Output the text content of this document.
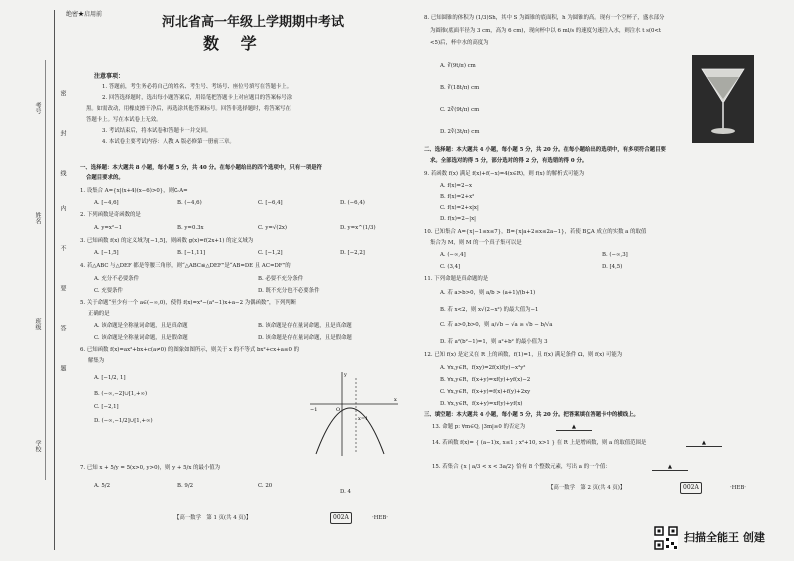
考号
姓名
班级
学校
密
封
线
内
不
要
答
题
绝密★启用前
河北省高一年级上学期期中考试
数 学
注意事项：
1. 答题前，考生务必将自己的姓名、考生号、考场号、座位号填写在答题卡上。
2. 回答选择题时，选出每小题答案后，用铅笔把答题卡上对应题目的答案标号涂
黑。如需改动，用橡皮擦干净后，再选涂其他答案标号。回答非选择题时，将答案写在
答题卡上。写在本试卷上无效。
3. 考试结束后，将本试卷和答题卡一并交回。
4. 本试卷主要考试内容：人教 A 版必修第一册前三章。
一、选择题：本大题共 8 小题，每小题 5 分，共 40 分。在每小题给出的四个选项中，只有一项是符
合题目要求的。
1. 设集合 A={x|(x+4)(x−6)>0}，则∁ᵣA=
A. [−4,6]	B. (−4,6)	C. [−6,4]	D. (−6,4)
2. 下列函数是奇函数的是
A. y=x²−1	B. y=0.3x	C. y=√(2x)	D. y=x^(1/3)
3. 已知函数 f(x) 的定义域为[−1,5]，则函数 g(x)=f(2x+1) 的定义域为
A. [−1,5]	B. [−1,11]	C. [−1,2]	D. [−2,2]
4. 若△ABC 与△DEF 都是等腰三角形，则“△ABC≌△DEF”是“AB=DE 且 AC=DF”的
A. 充分不必要条件	B. 必要不充分条件
C. 充要条件	D. 既不充分也不必要条件
5. 关于命题“至少有一个 a∈(−∞,0)，使得 f(x)=x³−(a²−1)x+a−2 为偶函数”，下列判断
正确的是
A. 该命题是全称量词命题，且是真命题	B. 该命题是存在量词命题，且是真命题
C. 该命题是全称量词命题，且是假命题	D. 该命题是存在量词命题，且是假命题
6. 已知函数 f(x)=ax²+bx+c(a≠0) 的图象如图所示，则关于 x 的不等式 bx²+cx+a≤0 的
解集为
A. [−1/2, 1]
B. (−∞,−2]∪[1,+∞)
C. [−2,1]
D. (−∞,−1/2]∪[1,+∞)
y
x
O
x=1
−1
7. 已知 x + 5/y = 5(x>0, y>0)，则 y + 5/x 的最小值为
A. 5/2	B. 9/2	C. 20
D. 4
【高一数学　第 1 页(共 4 页)】	002A	·HEB·
8. 已知圆锥的体积为 (1/3)Sh，其中 S 为圆锥的底面积，h 为圆锥的高。现有一个空杯子，盛水部分
为圆锥(底面半径为 3 cm，高为 6 cm)，现向杯中以 6 ml/s 的速度匀速注入水，则注水 t s(0<t
<5)后，杯中水的高度为
A. ∛(9t/π) cm
B. ∛(18t/π) cm
C. 2∛(9t/π) cm
D. 2∛(3t/π) cm
二、选择题：本大题共 4 小题，每小题 5 分，共 20 分。在每小题给出的选项中，有多项符合题目要
求。全部选对的得 5 分，部分选对的得 2 分，有选错的得 0 分。
9. 若函数 f(x) 满足 f(x)+f(−x)=4(x∈R)，则 f(x) 的解析式可能为
A. f(x)=2−x
B. f(x)=2+x²
C. f(x)=2+x|x|
D. f(x)=2−|x|
10. 已知集合 A={x|−1≤x≤7}，B={x|a+2≤x≤2a−1}，若使 B⊆A 成立的实数 a 的取值
集合为 M，则 M 的一个真子集可以是
A. (−∞,4]	B. (−∞,3]
C. (3,4]	D. [4,5)
11. 下列命题是真命题的是
A. 若 a>b>0，则 a/b > (a+1)/(b+1)
B. 若 x<2，则 x√(2−x²) 的最大值为−1
C. 若 a>0,b>0，则 a/√b − √a ≥ √b − b/√a
D. 若 a²(b²−1)=1，则 a²+b² 的最小值为 3
12. 已知 f(x) 是定义在 R 上的函数，f(1)=1，且 f(x) 满足条件 Ω，则 f(x) 可能为
A. ∀x,y∈R，f(xy)=2f(x)f(y)−x²y²
B. ∀x,y∈R，f(x+y)=xf(y)+yf(x)−2
C. ∀x,y∈R，f(x+y)=f(x)+f(y)+2xy
D. ∀x,y∈R，f(x+y)=xf(y)+yf(x)
三、填空题：本大题共 4 小题，每小题 5 分，共 20 分。把答案填在答题卡中的横线上。
13. 命题 p: ∀m∈Q, |3m|≥0 的否定为	▲
14. 若函数 f(x)= { (a−1)x, x≤1 ; x²+10, x>1 } 在 R 上是增函数，则 a 的取值范围是	▲
15. 若集合 {x | a/3 < x < 3a/2} 恰有 8 个整数元素，写出 a 的一个值：	▲
【高一数学　第 2 页(共 4 页)】	002A	·HEB·
扫描全能王 创建
